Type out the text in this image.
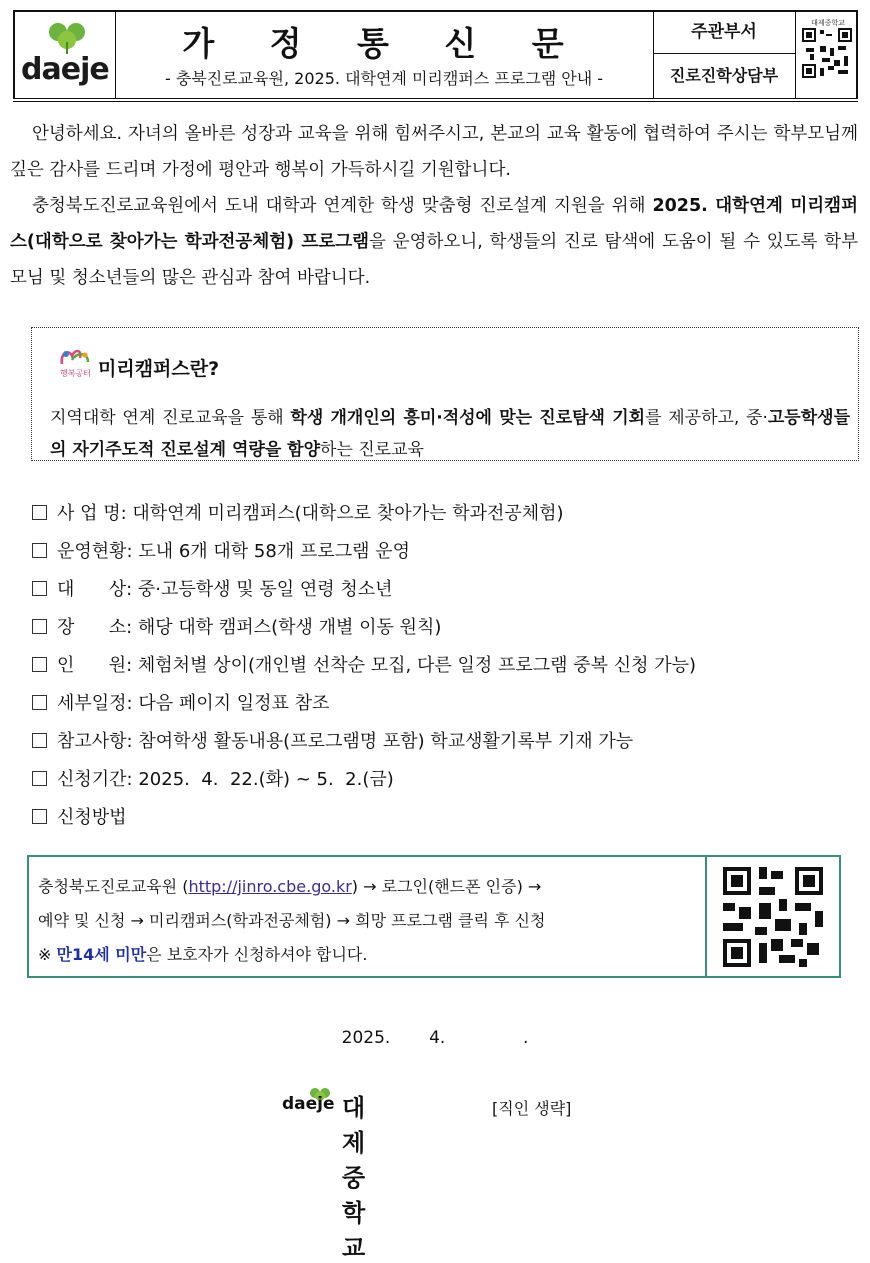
daeje
가 정 통 신 문
- 충북진로교육원, 2025. 대학연계 미리캠퍼스 프로그램 안내 -
주관부서
진로진학상담부
대제중학교
안녕하세요. 자녀의 올바른 성장과 교육을 위해 힘써주시고, 본교의 교육 활동에 협력하여 주시는 학부모님께 깊은 감사를 드리며 가정에 평안과 행복이 가득하시길 기원합니다.
충청북도진로교육원에서 도내 대학과 연계한 학생 맞춤형 진로설계 지원을 위해 2025. 대학연계 미리캠퍼스(대학으로 찾아가는 학과전공체험) 프로그램을 운영하오니, 학생들의 진로 탐색에 도움이 될 수 있도록 학부모님 및 청소년들의 많은 관심과 참여 바랍니다.
행복공터 미리캠퍼스란?
지역대학 연계 진로교육을 통해 학생 개개인의 흥미·적성에 맞는 진로탐색 기회를 제공하고, 중·고등학생들의 자기주도적 진로설계 역량을 함양하는 진로교육
사 업 명: 대학연계 미리캠퍼스(대학으로 찾아가는 학과전공체험)
운영현황: 도내 6개 대학 58개 프로그램 운영
대      상: 중·고등학생 및 동일 연령 청소년
장      소: 해당 대학 캠퍼스(학생 개별 이동 원칙)
인      원: 체험처별 상이(개인별 선착순 모집, 다른 일정 프로그램 중복 신청 가능)
세부일정: 다음 페이지 일정표 참조
참고사항: 참여학생 활동내용(프로그램명 포함) 학교생활기록부 기재 가능
신청기간: 2025.  4.  22.(화) ~ 5.  2.(금)
신청방법
충청북도진로교육원 (http://jinro.cbe.go.kr) → 로그인(핸드폰 인증) →
예약 및 신청 → 미리캠퍼스(학과전공체험) → 희망 프로그램 클릭 후 신청
※ 만14세 미만은 보호자가 신청하셔야 합니다.
2025.  4.    .
daeje 대제중학교
[직인 생략]
